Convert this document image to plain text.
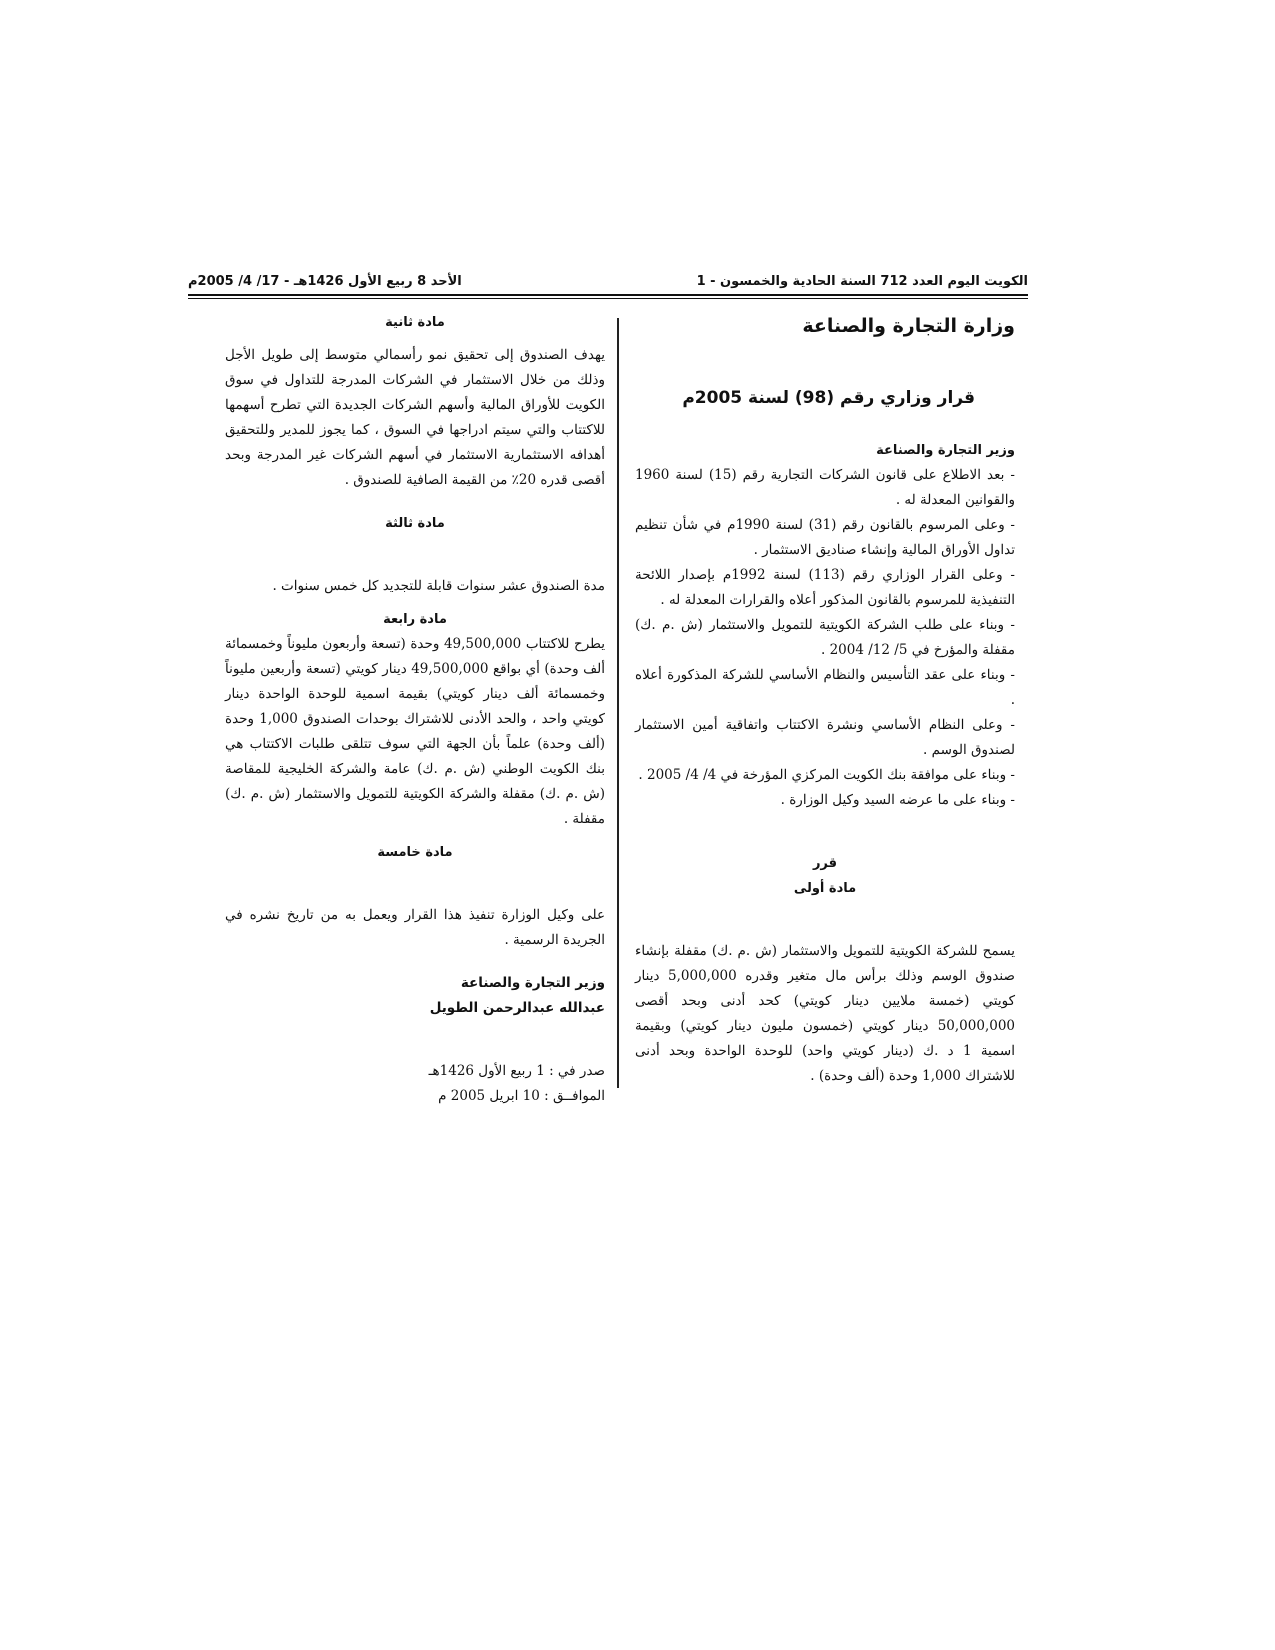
الكويت اليوم العدد 712 السنة الحادية والخمسون - 1
الأحد 8 ربيع الأول 1426هـ - 17/ 4/ 2005م
وزارة التجارة والصناعة
قرار وزاري رقم (98) لسنة 2005م

وزير التجارة والصناعة

- بعد الاطلاع على قانون الشركات التجارية رقم (15) لسنة 1960 والقوانين المعدلة له .

- وعلى المرسوم بالقانون رقم (31) لسنة 1990م في شأن تنظيم تداول الأوراق المالية وإنشاء صناديق الاستثمار .

- وعلى القرار الوزاري رقم (113) لسنة 1992م بإصدار اللائحة التنفيذية للمرسوم بالقانون المذكور أعلاه والقرارات المعدلة له .

- وبناء على طلب الشركة الكويتية للتمويل والاستثمار (ش .م .ك) مقفلة والمؤرخ في 5/ 12/ 2004 .

- وبناء على عقد التأسيس والنظام الأساسي للشركة المذكورة أعلاه .

- وعلى النظام الأساسي ونشرة الاكتتاب واتفاقية أمين الاستثمار لصندوق الوسم .

- وبناء على موافقة بنك الكويت المركزي المؤرخة في 4/ 4/ 2005 .

- وبناء على ما عرضه السيد وكيل الوزارة .

قرر

مادة أولى

يسمح للشركة الكويتية للتمويل والاستثمار (ش .م .ك) مقفلة بإنشاء صندوق الوسم وذلك برأس مال متغير وقدره 5,000,000 دينار كويتي (خمسة ملايين دينار كويتي) كحد أدنى وبحد أقصى 50,000,000 دينار كويتي (خمسون مليون دينار كويتي) وبقيمة اسمية 1 د .ك (دينار كويتي واحد) للوحدة الواحدة وبحد أدنى للاشتراك 1,000 وحدة (ألف وحدة) .

مادة ثانية

يهدف الصندوق إلى تحقيق نمو رأسمالي متوسط إلى طويل الأجل وذلك من خلال الاستثمار في الشركات المدرجة للتداول في سوق الكويت للأوراق المالية وأسهم الشركات الجديدة التي تطرح أسهمها للاكتتاب والتي سيتم ادراجها في السوق ، كما يجوز للمدير وللتحقيق أهدافه الاستثمارية الاستثمار في أسهم الشركات غير المدرجة وبحد أقصى قدره 20٪ من القيمة الصافية للصندوق .

مادة ثالثة

مدة الصندوق عشر سنوات قابلة للتجديد كل خمس سنوات .

مادة رابعة

يطرح للاكتتاب 49,500,000 وحدة (تسعة وأربعون مليوناً وخمسمائة ألف وحدة) أي بواقع 49,500,000 دينار كويتي (تسعة وأربعين مليوناً وخمسمائة ألف دينار كويتي) بقيمة اسمية للوحدة الواحدة دينار كويتي واحد ، والحد الأدنى للاشتراك بوحدات الصندوق 1,000 وحدة (ألف وحدة) علماً بأن الجهة التي سوف تتلقى طلبات الاكتتاب هي بنك الكويت الوطني (ش .م .ك) عامة والشركة الخليجية للمقاصة (ش .م .ك) مقفلة والشركة الكويتية للتمويل والاستثمار (ش .م .ك) مقفلة .

مادة خامسة

على وكيل الوزارة تنفيذ هذا القرار ويعمل به من تاريخ نشره في الجريدة الرسمية .

وزير التجارة والصناعة

عبدالله عبدالرحمن الطويل

صدر في : 1 ربيع الأول 1426هـ

الموافــق : 10 ابريل 2005 م
